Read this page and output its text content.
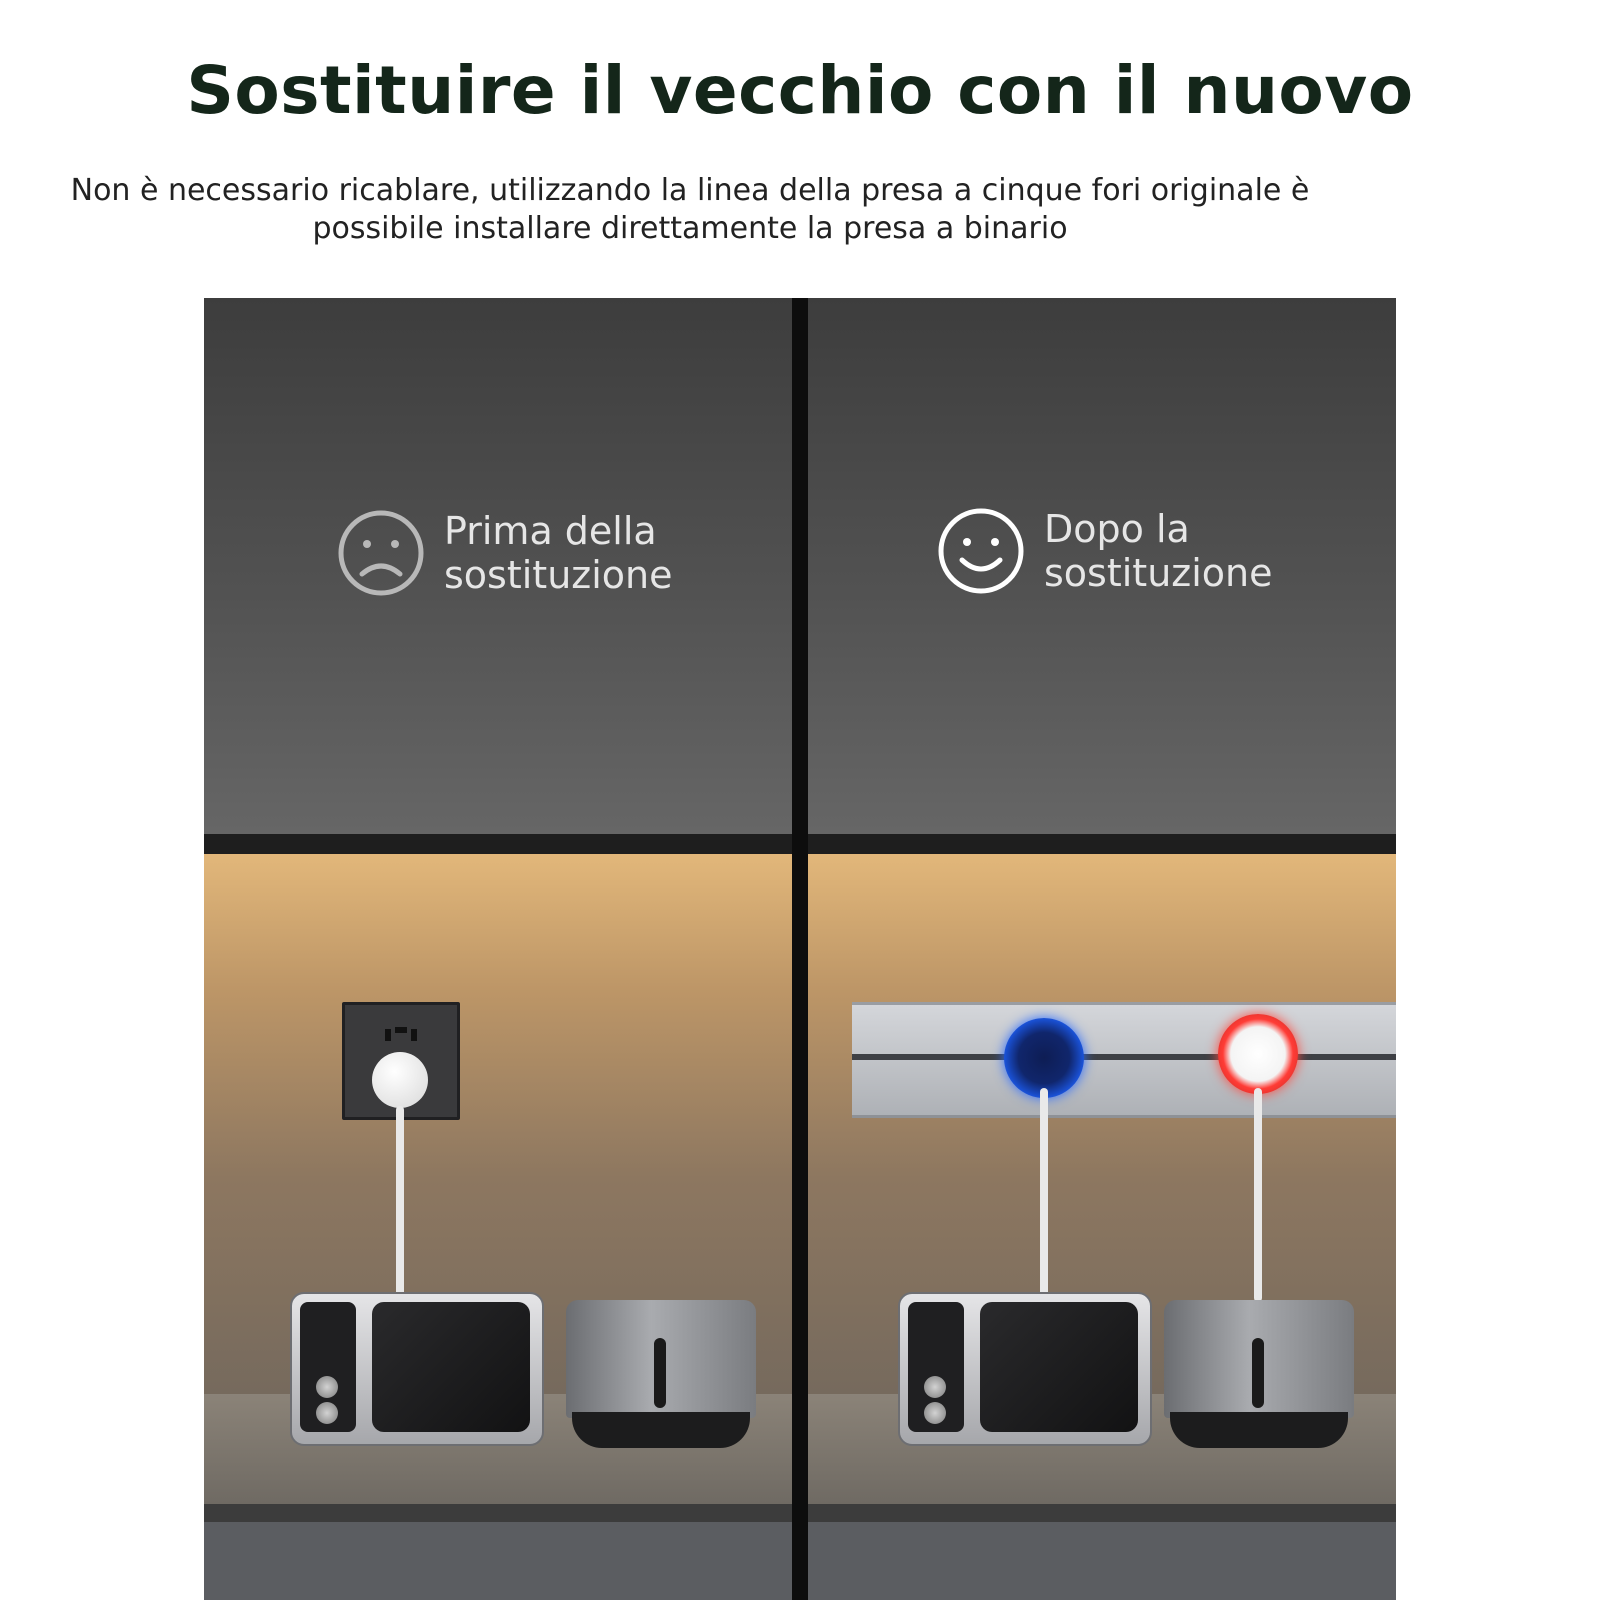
Sostituire il vecchio con il nuovo
Non è necessario ricablare, utilizzando la linea della presa a cinque fori originale è
possibile installare direttamente la presa a binario
Prima della
sostituzione
Dopo la
sostituzione
